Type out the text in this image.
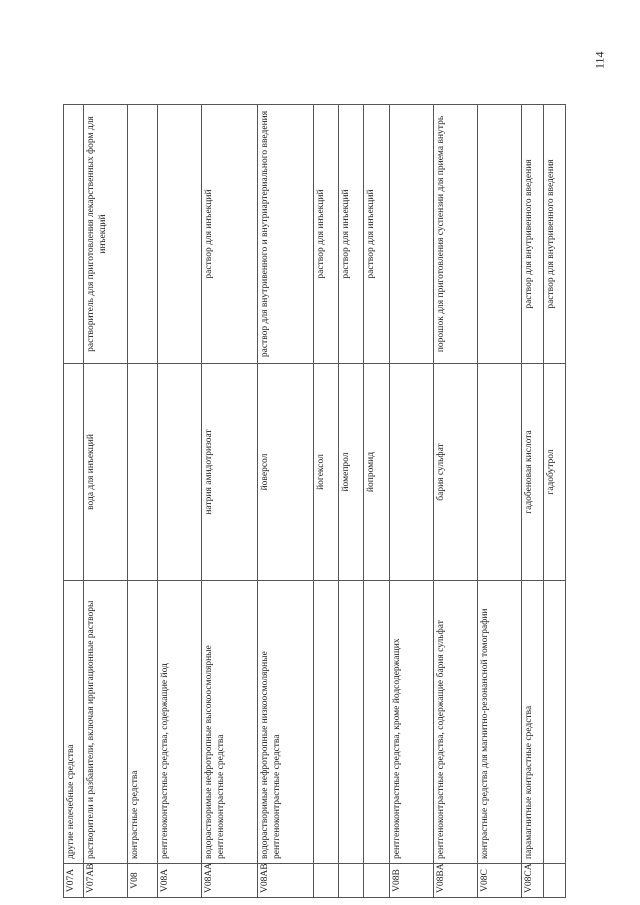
114
V07A	другие нелечебные средства		
V07AB	растворители и разбавители, включая ирригационные растворы	вода для инъекций	растворитель для приготовления лекарственных форм для инъекций
V08	контрастные средства		
V08A	рентгеноконтрастные средства, содержащие йод		
V08AA	водорастворимые нефротропные высокоосмолярные рентгеноконтрастные средства	натрия амидотризоат	раствор для инъекций
V08AB	водорастворимые нефротропные низкоосмолярные рентгеноконтрастные средства	йоверсол	раствор для внутривенного и внутриартериального введения
		йогексол	раствор для инъекций
		йомепрол	раствор для инъекций
		йопромид	раствор для инъекций
V08B	рентгеноконтрастные средства, кроме йодсодержащих		
V08BA	рентгеноконтрастные средства, содержащие бария сульфат	бария сульфат	порошок для приготовления суспензии для приема внутрь
V08C	контрастные средства для магнитно-резонансной томографии		
V08CA	парамагнитные контрастные средства	гадобеновая кислота	раствор для внутривенного введения
		гадобутрол	раствор для внутривенного введения
